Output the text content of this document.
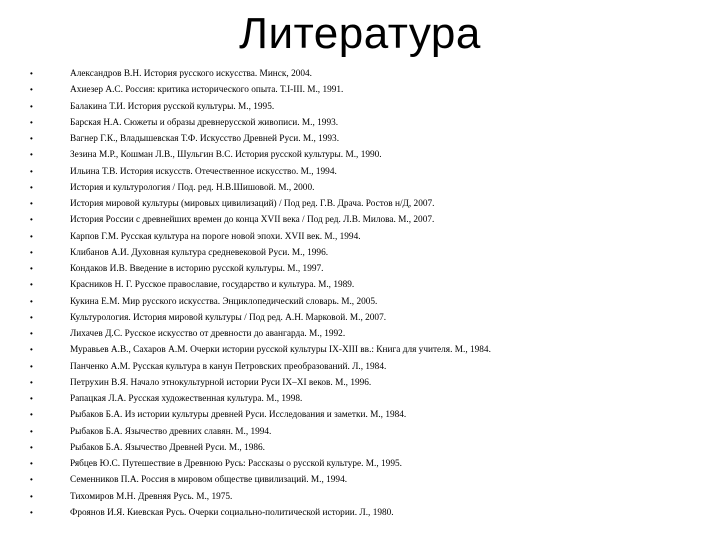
Литература
•	Александров В.Н. История русского искусства. Минск, 2004.
•	Ахиезер А.С. Россия: критика исторического опыта. Т.I-III. М., 1991.
•	Балакина Т.И. История русской культуры. М., 1995.
•	Барская Н.А. Сюжеты и образы древнерусской живописи. М., 1993.
•	Вагнер Г.К., Владышевская Т.Ф. Искусство Древней Руси. М., 1993.
•	Зезина М.Р., Кошман Л.В., Шульгин В.С. История русской культуры. М., 1990.
•	Ильина Т.В. История искусств. Отечественное искусство. М., 1994.
•	История и культурология / Под. ред. Н.В.Шишовой. М., 2000.
•	История мировой культуры (мировых цивилизаций) / Под ред. Г.В. Драча. Ростов н/Д, 2007.
•	История России с древнейших времен до конца XVII века / Под ред. Л.В. Милова. М., 2007.
•	Карпов Г.М. Русская культура на пороге новой эпохи. XVII век. М., 1994.
•	Клибанов А.И. Духовная культура средневековой Руси. М., 1996.
•	Кондаков И.В. Введение в историю русской культуры. М., 1997.
•	Красников Н. Г. Русское православие, государство и культура. М., 1989.
•	Кукина Е.М. Мир русского искусства. Энциклопедический словарь. М., 2005.
•	Культурология. История мировой культуры / Под ред. А.Н. Марковой. М., 2007.
•	Лихачев Д.С. Русское искусство от древности до авангарда. М., 1992.
•	Муравьев А.В., Сахаров А.М. Очерки истории русской культуры IX-XIII вв.: Книга для учителя. М., 1984.
•	Панченко А.М. Русская культура в канун Петровских преобразований. Л., 1984.
•	Петрухин В.Я. Начало этнокультурной истории Руси IX–XI веков. М., 1996.
•	Рапацкая Л.А. Русская художественная культура. М., 1998.
•	Рыбаков Б.А. Из истории культуры древней Руси. Исследования и заметки. М., 1984.
•	Рыбаков Б.А. Язычество древних славян. М., 1994.
•	Рыбаков Б.А. Язычество Древней Руси. М., 1986.
•	Рябцев Ю.С. Путешествие в Древнюю Русь: Рассказы о русской культуре. М., 1995.
•	Семенников П.А. Россия в мировом обществе цивилизаций. М., 1994.
•	Тихомиров М.Н. Древняя Русь. М., 1975.
•	Фроянов И.Я. Киевская Русь. Очерки социально-политической истории. Л., 1980.
